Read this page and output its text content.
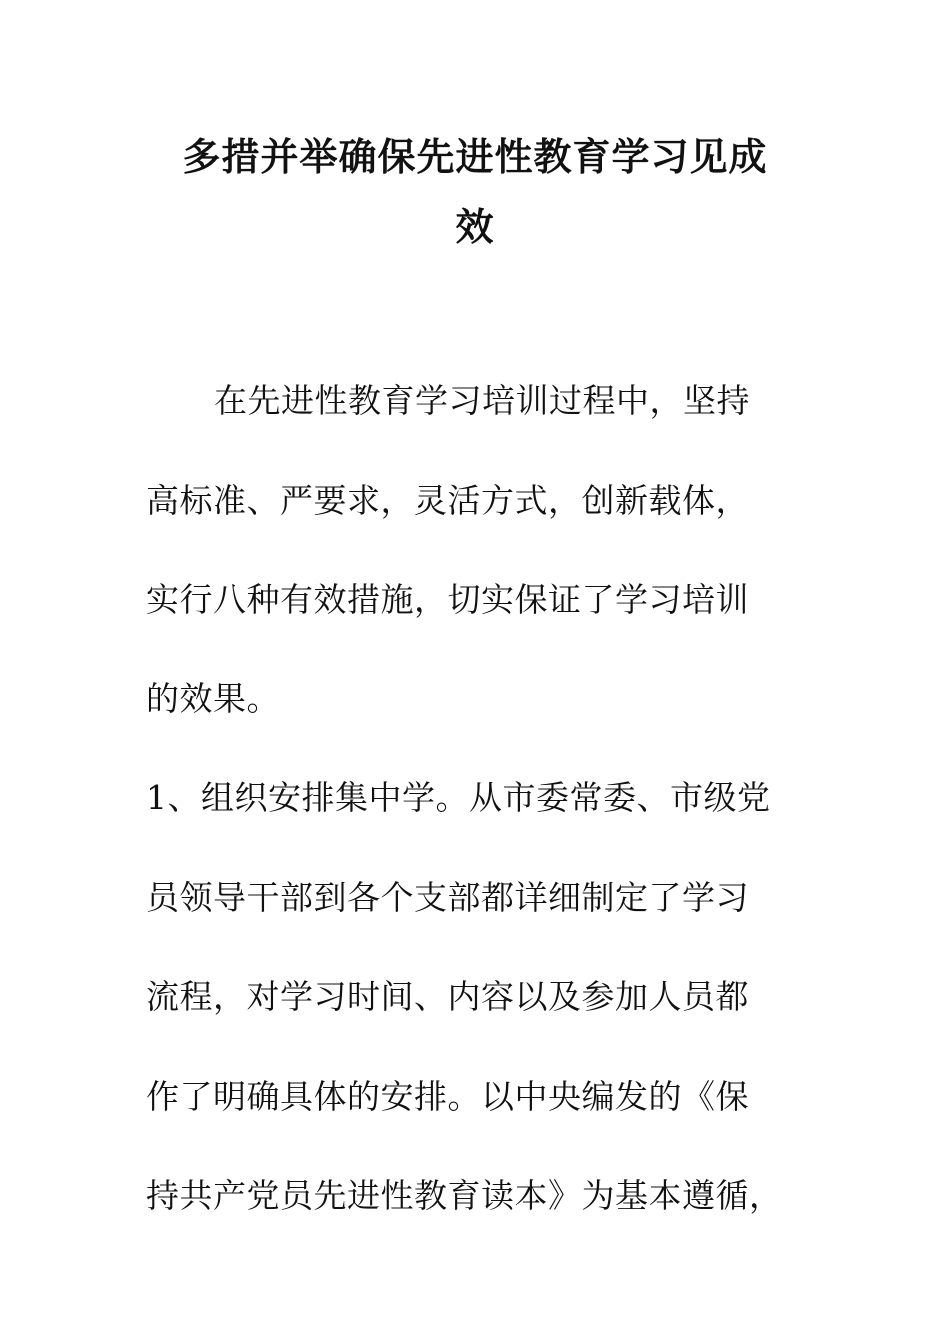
多措并举确保先进性教育学习见成
效

在先进性教育学习培训过程中，坚持

高标准、严要求，灵活方式，创新载体，

实行八种有效措施，切实保证了学习培训

的效果。

1、组织安排集中学。从市委常委、市级党

员领导干部到各个支部都详细制定了学习

流程，对学习时间、内容以及参加人员都

作了明确具体的安排。以中央编发的《保

持共产党员先进性教育读本》为基本遵循，
